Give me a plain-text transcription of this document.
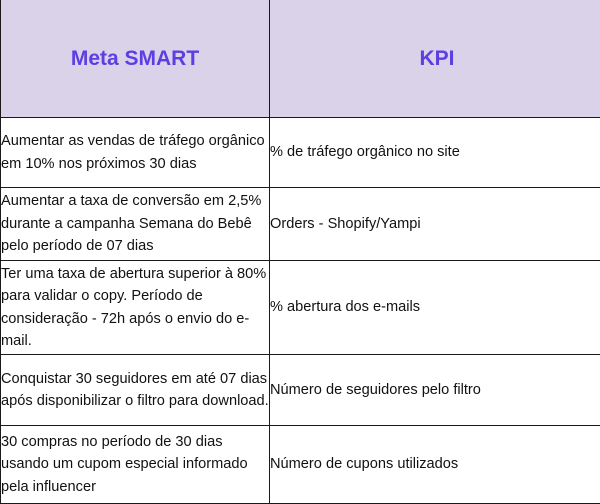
Meta SMART	KPI
Aumentar as vendas de tráfego orgânico em 10% nos próximos 30 dias	% de tráfego orgânico no site
Aumentar a taxa de conversão em 2,5% durante a campanha Semana do Bebê pelo período de 07 dias	Orders - Shopify/Yampi
Ter uma taxa de abertura superior à 80% para validar o copy. Período de consideração - 72h após o envio do e-mail.	% abertura dos e-mails
Conquistar 30 seguidores em até 07 dias após disponibilizar o filtro para download.	Número de seguidores pelo filtro
30 compras no período de 30 dias usando um cupom especial informado pela influencer	Número de cupons utilizados
